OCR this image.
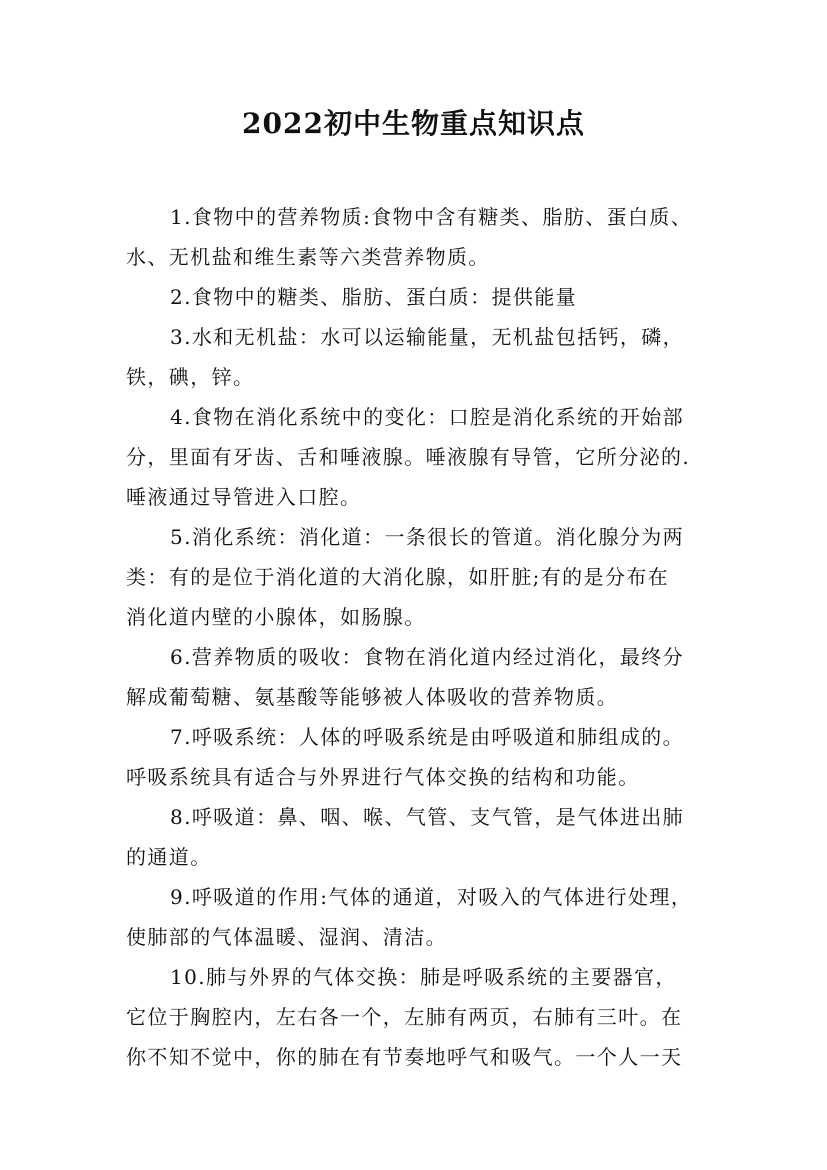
2022初中生物重点知识点
1.食物中的营养物质:食物中含有糖类、脂肪、蛋白质、
水、无机盐和维生素等六类营养物质。
2.食物中的糖类、脂肪、蛋白质：提供能量
3.水和无机盐：水可以运输能量，无机盐包括钙，磷，
铁，碘，锌。
4.食物在消化系统中的变化：口腔是消化系统的开始部
分，里面有牙齿、舌和唾液腺。唾液腺有导管，它所分泌的.
唾液通过导管进入口腔。
5.消化系统：消化道：一条很长的管道。消化腺分为两
类：有的是位于消化道的大消化腺，如肝脏;有的是分布在
消化道内壁的小腺体，如肠腺。
6.营养物质的吸收：食物在消化道内经过消化，最终分
解成葡萄糖、氨基酸等能够被人体吸收的营养物质。
7.呼吸系统：人体的呼吸系统是由呼吸道和肺组成的。
呼吸系统具有适合与外界进行气体交换的结构和功能。
8.呼吸道：鼻、咽、喉、气管、支气管，是气体进出肺
的通道。
9.呼吸道的作用:气体的通道，对吸入的气体进行处理，
使肺部的气体温暖、湿润、清洁。
10.肺与外界的气体交换：肺是呼吸系统的主要器官，
它位于胸腔内，左右各一个，左肺有两页，右肺有三叶。在
你不知不觉中，你的肺在有节奏地呼气和吸气。一个人一天
